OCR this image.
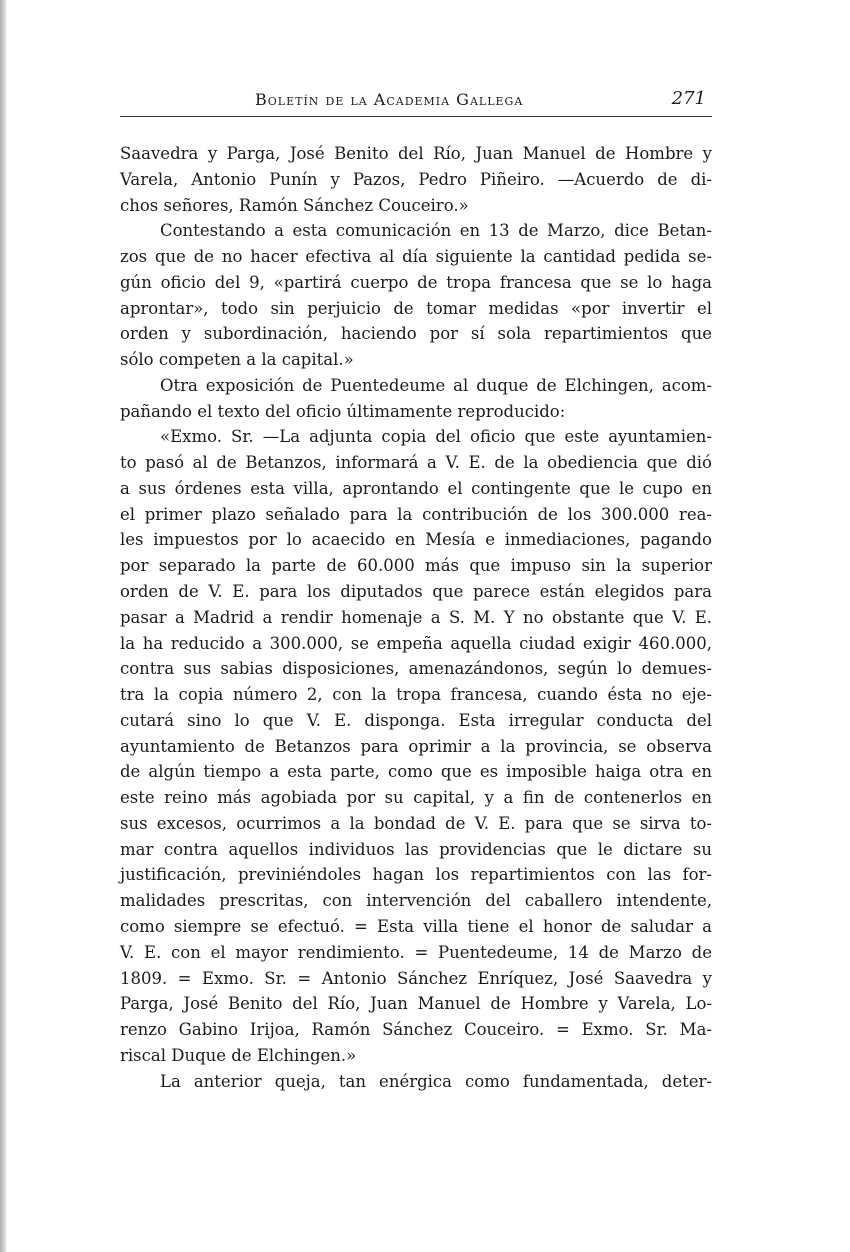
Boletín de la Academia Gallega	271
Saavedra y Parga, José Benito del Río, Juan Manuel de Hombre y
Varela, Antonio Punín y Pazos, Pedro Piñeiro. —Acuerdo de di-
chos señores, Ramón Sánchez Couceiro.»
Contestando a esta comunicación en 13 de Marzo, dice Betan-
zos que de no hacer efectiva al día siguiente la cantidad pedida se-
gún oficio del 9, «partirá cuerpo de tropa francesa que se lo haga
aprontar», todo sin perjuicio de tomar medidas «por invertir el
orden y subordinación, haciendo por sí sola repartimientos que
sólo competen a la capital.»
Otra exposición de Puentedeume al duque de Elchingen, acom-
pañando el texto del oficio últimamente reproducido:
«Exmo. Sr. —La adjunta copia del oficio que este ayuntamien-
to pasó al de Betanzos, informará a V. E. de la obediencia que dió
a sus órdenes esta villa, aprontando el contingente que le cupo en
el primer plazo señalado para la contribución de los 300.000 rea-
les impuestos por lo acaecido en Mesía e inmediaciones, pagando
por separado la parte de 60.000 más que impuso sin la superior
orden de V. E. para los diputados que parece están elegidos para
pasar a Madrid a rendir homenaje a S. M. Y no obstante que V. E.
la ha reducido a 300.000, se empeña aquella ciudad exigir 460.000,
contra sus sabias disposiciones, amenazándonos, según lo demues-
tra la copia número 2, con la tropa francesa, cuando ésta no eje-
cutará sino lo que V. E. disponga. Esta irregular conducta del
ayuntamiento de Betanzos para oprimir a la provincia, se observa
de algún tiempo a esta parte, como que es imposible haiga otra en
este reino más agobiada por su capital, y a fin de contenerlos en
sus excesos, ocurrimos a la bondad de V. E. para que se sirva to-
mar contra aquellos individuos las providencias que le dictare su
justificación, previniéndoles hagan los repartimientos con las for-
malidades prescritas, con intervención del caballero intendente,
como siempre se efectuó. = Esta villa tiene el honor de saludar a
V. E. con el mayor rendimiento. = Puentedeume, 14 de Marzo de
1809. = Exmo. Sr. = Antonio Sánchez Enríquez, José Saavedra y
Parga, José Benito del Río, Juan Manuel de Hombre y Varela, Lo-
renzo Gabino Irijoa, Ramón Sánchez Couceiro. = Exmo. Sr. Ma-
riscal Duque de Elchingen.»
La anterior queja, tan enérgica como fundamentada, deter-
